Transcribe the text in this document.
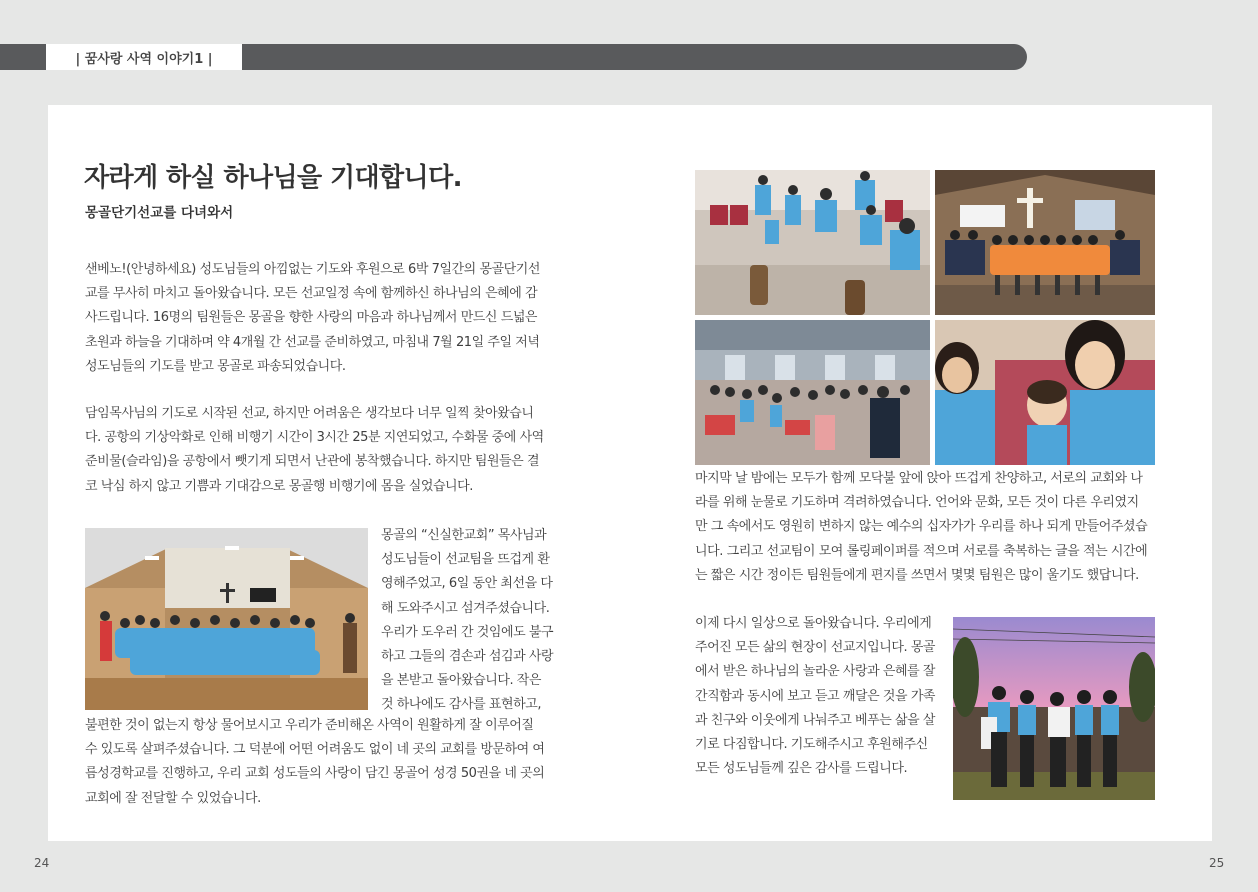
| 꿈사랑 사역 이야기1 |
자라게 하실 하나님을 기대합니다.
몽골단기선교를 다녀와서

샌베노!(안녕하세요) 성도님들의 아낌없는 기도와 후원으로 6박 7일간의 몽골단기선
교를 무사히 마치고 돌아왔습니다. 모든 선교일정 속에 함께하신 하나님의 은혜에 감
사드립니다. 16명의 팀원들은 몽골을 향한 사랑의 마음과 하나님께서 만드신 드넓은
초원과 하늘을 기대하며 약 4개월 간 선교를 준비하였고, 마침내 7월 21일 주일 저녁
성도님들의 기도를 받고 몽골로 파송되었습니다.

담임목사님의 기도로 시작된 선교, 하지만 어려움은 생각보다 너무 일찍 찾아왔습니
다. 공항의 기상악화로 인해 비행기 시간이 3시간 25분 지연되었고, 수화물 중에 사역
준비물(슬라임)을 공항에서 뺏기게 되면서 난관에 봉착했습니다. 하지만 팀원들은 결
코 낙심 하지 않고 기쁨과 기대감으로 몽골행 비행기에 몸을 실었습니다.

몽골의 “신실한교회” 목사님과
성도님들이 선교팀을 뜨겁게 환
영해주었고, 6일 동안 최선을 다
해 도와주시고 섬겨주셨습니다.
우리가 도우러 간 것임에도 불구
하고 그들의 겸손과 섬김과 사랑
을 본받고 돌아왔습니다. 작은
것 하나에도 감사를 표현하고,

불편한 것이 없는지 항상 물어보시고 우리가 준비해온 사역이 원활하게 잘 이루어질
수 있도록 살펴주셨습니다. 그 덕분에 어떤 어려움도 없이 네 곳의 교회를 방문하여 여
름성경학교를 진행하고, 우리 교회 성도들의 사랑이 담긴 몽골어 성경 50권을 네 곳의
교회에 잘 전달할 수 있었습니다.

마지막 날 밤에는 모두가 함께 모닥불 앞에 앉아 뜨겁게 찬양하고, 서로의 교회와 나
라를 위해 눈물로 기도하며 격려하였습니다. 언어와 문화, 모든 것이 다른 우리였지
만 그 속에서도 영원히 변하지 않는 예수의 십자가가 우리를 하나 되게 만들어주셨습
니다. 그리고 선교팀이 모여 롤링페이퍼를 적으며 서로를 축복하는 글을 적는 시간에
는 짧은 시간 정이든 팀원들에게 편지를 쓰면서 몇몇 팀원은 많이 울기도 했답니다.

이제 다시 일상으로 돌아왔습니다. 우리에게
주어진 모든 삶의 현장이 선교지입니다. 몽골
에서 받은 하나님의 놀라운 사랑과 은혜를 잘
간직함과 동시에 보고 듣고 깨달은 것을 가족
과 친구와 이웃에게 나눠주고 베푸는 삶을 살
기로 다짐합니다. 기도해주시고 후원해주신
모든 성도님들께 깊은 감사를 드립니다.

24	25
